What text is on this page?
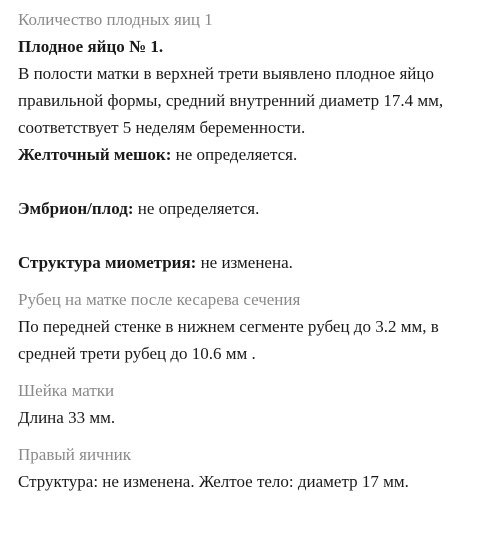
Количество плодных яиц 1
Плодное яйцо № 1.
В полости матки в верхней трети выявлено плодное яйцо
правильной формы, средний внутренний диаметр 17.4 мм,
соответствует 5 неделям беременности.
Желточный мешок: не определяется.
Эмбрион/плод: не определяется.
Структура миометрия: не изменена.
Рубец на матке после кесарева сечения
По передней стенке в нижнем сегменте рубец до 3.2 мм, в
средней трети рубец до 10.6 мм .
Шейка матки
Длина 33 мм.
Правый яичник
Структура: не изменена. Желтое тело: диаметр 17 мм.
